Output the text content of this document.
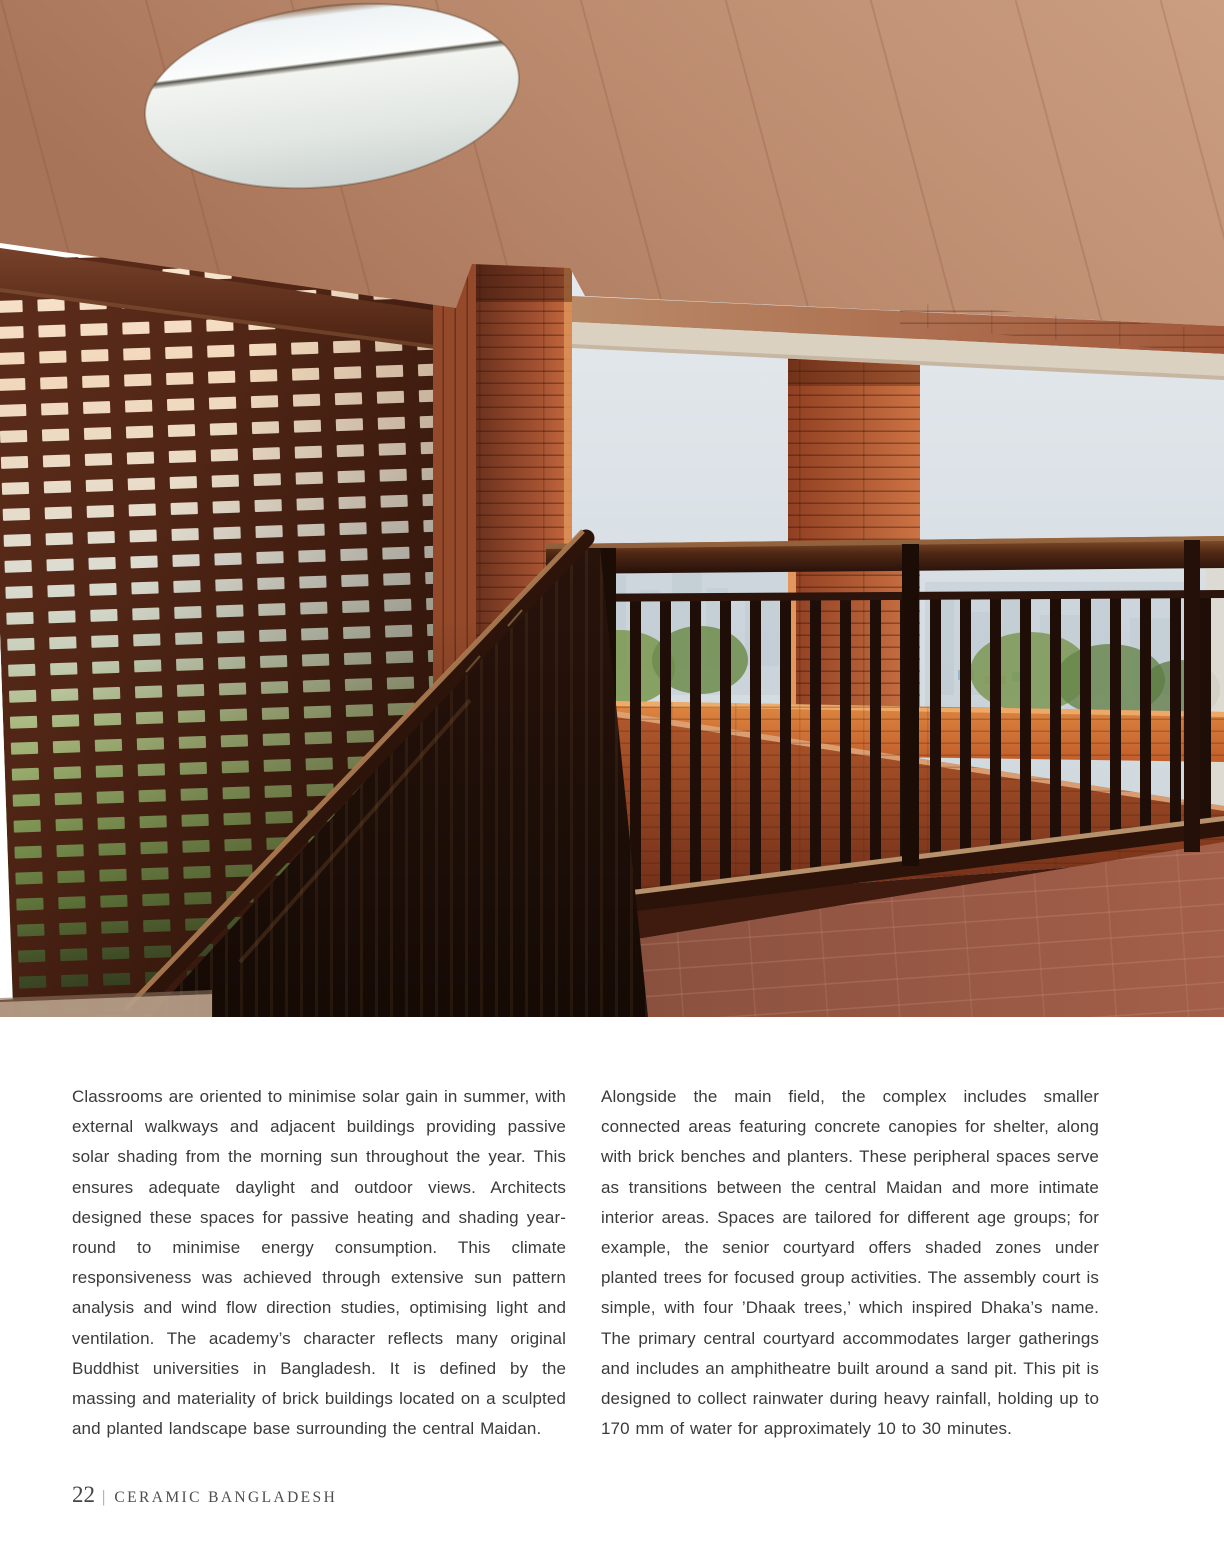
Classrooms are oriented to minimise solar gain in summer, with external walkways and adjacent buildings providing passive solar shading from the morning sun throughout the year. This ensures adequate daylight and outdoor views. Architects designed these spaces for passive heating and shading year-round to minimise energy consumption. This climate responsiveness was achieved through extensive sun pattern analysis and wind flow direction studies, optimising light and ventilation. The academy’s character reflects many original Buddhist universities in Bangladesh. It is defined by the massing and materiality of brick buildings located on a sculpted and planted landscape base surrounding the central Maidan.

Alongside the main field, the complex includes smaller connected areas featuring concrete canopies for shelter, along with brick benches and planters. These peripheral spaces serve as transitions between the central Maidan and more intimate interior areas. Spaces are tailored for different age groups; for example, the senior courtyard offers shaded zones under planted trees for focused group activities. The assembly court is simple, with four ’Dhaak trees,’ which inspired Dhaka’s name. The primary central courtyard accommodates larger gatherings and includes an amphitheatre built around a sand pit. This pit is designed to collect rainwater during heavy rainfall, holding up to 170 mm of water for approximately 10 to 30 minutes.

22 | CERAMIC BANGLADESH
